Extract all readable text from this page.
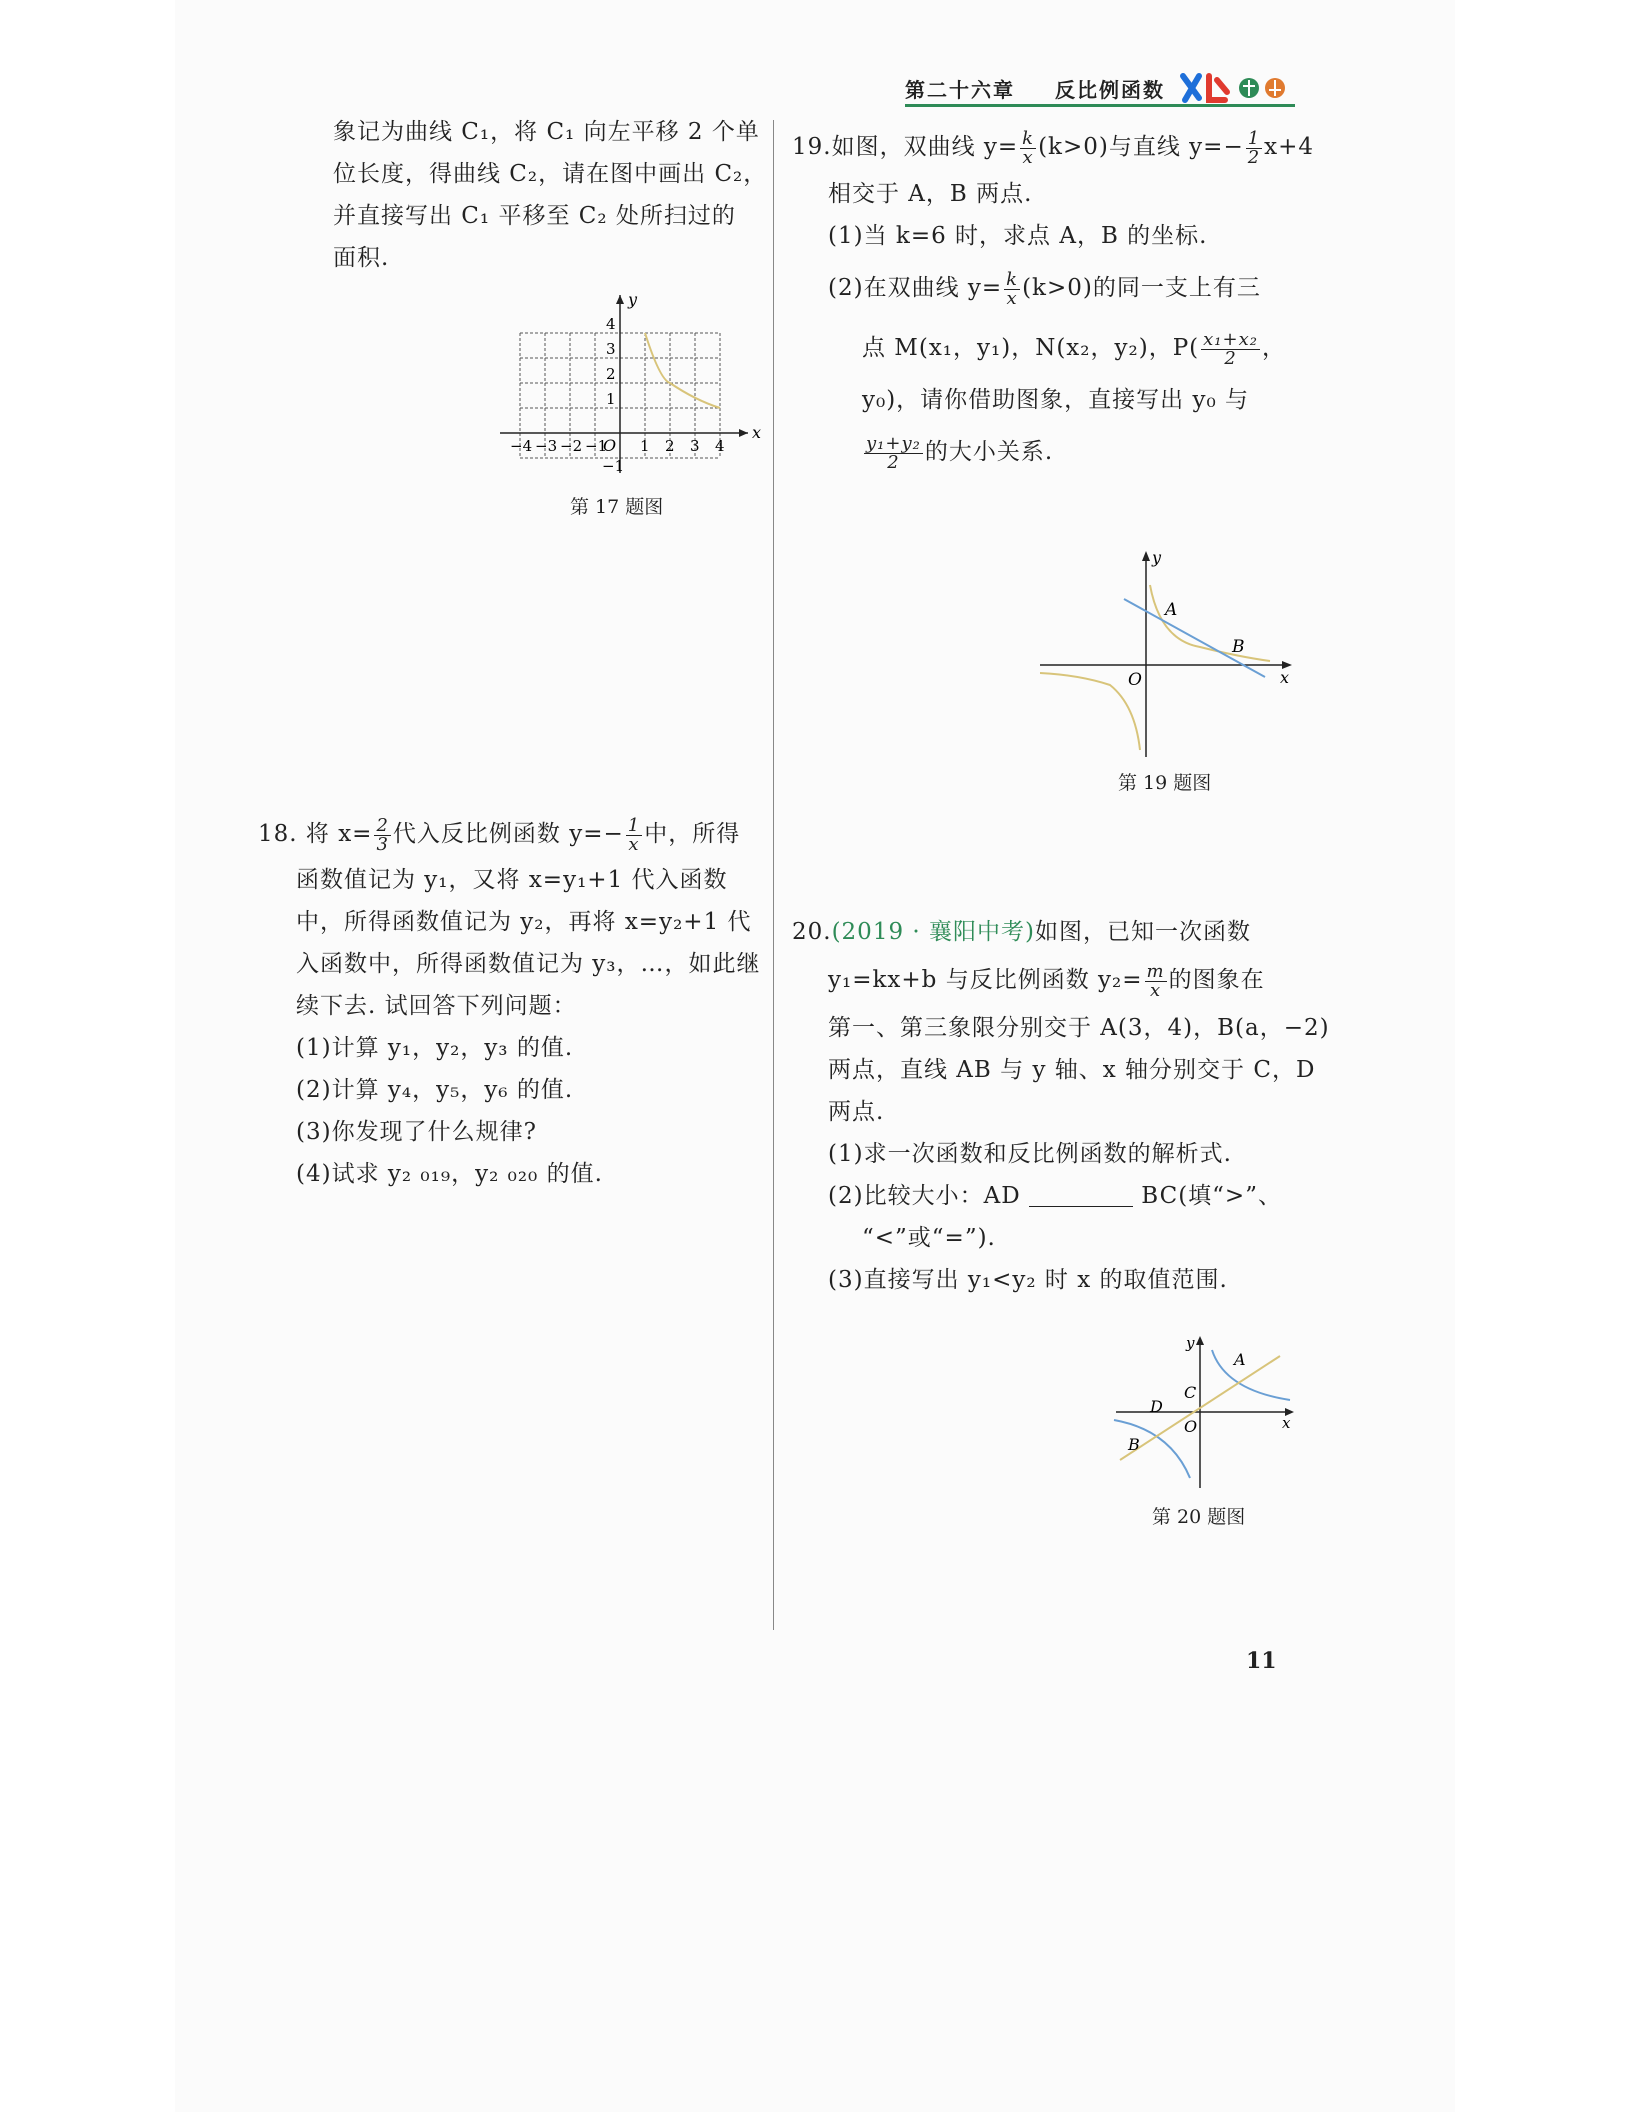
第二十六章 反比例函数
象记为曲线 C₁，将 C₁ 向左平移 2 个单
位长度，得曲线 C₂，请在图中画出 C₂，
并直接写出 C₁ 平移至 C₂ 处所扫过的
面积.
x
y
O
−4 −3 −2 −1 1 2 3 4
4
3
2
1
−1
第 17 题图
18. 将 $x= \frac{2}{3}$ 代入反比例函数 $y=- \frac{1}{x}$ 中，所得
函数值记为 y₁，又将 x=y₁+1 代入函数
中，所得函数值记为 y₂，再将 x=y₂+1 代
入函数中，所得函数值记为 y₃，…，如此继
续下去. 试回答下列问题：
(1)计算 y₁，y₂，y₃ 的值.
(2)计算 y₄，y₅，y₆ 的值.
(3)你发现了什么规律?
(4)试求 y₂ ₀₁₉，y₂ ₀₂₀ 的值.
19.如图，双曲线 $y= \frac{k}{x} (k>0)$与直线 $y=- \frac{1}{2} x+4$
相交于 A，B 两点.
(1)当 k=6 时，求点 A，B 的坐标.
(2)在双曲线 $y= \frac{k}{x} (k>0)$的同一支上有三
点 M(x₁，y₁)，N(x₂，y₂)，$P( \frac{\text{x₁+x₂}}{2}$ ，
y₀)，请你借助图象，直接写出 y₀ 与
$\frac{\text{y₁+y₂}}{2}$ 的大小关系.
A
B
O	x
y
第 19 题图
20.(2019 · 襄阳中考)如图，已知一次函数
y₁=kx+b 与反比例函数 $y_2= \frac{m}{x}$ 的图象在
第一、第三象限分别交于 A(3，4)，B(a，−2)
两点，直线 AB 与 y 轴、x 轴分别交于 C，D
两点.
(1)求一次函数和反比例函数的解析式.
(2)比较大小：AD	BC(填“>”、
“<”或“=”).
(3)直接写出 y₁<y₂ 时 x 的取值范围.
A
B
C
D
O	x
y
第 20 题图
11
